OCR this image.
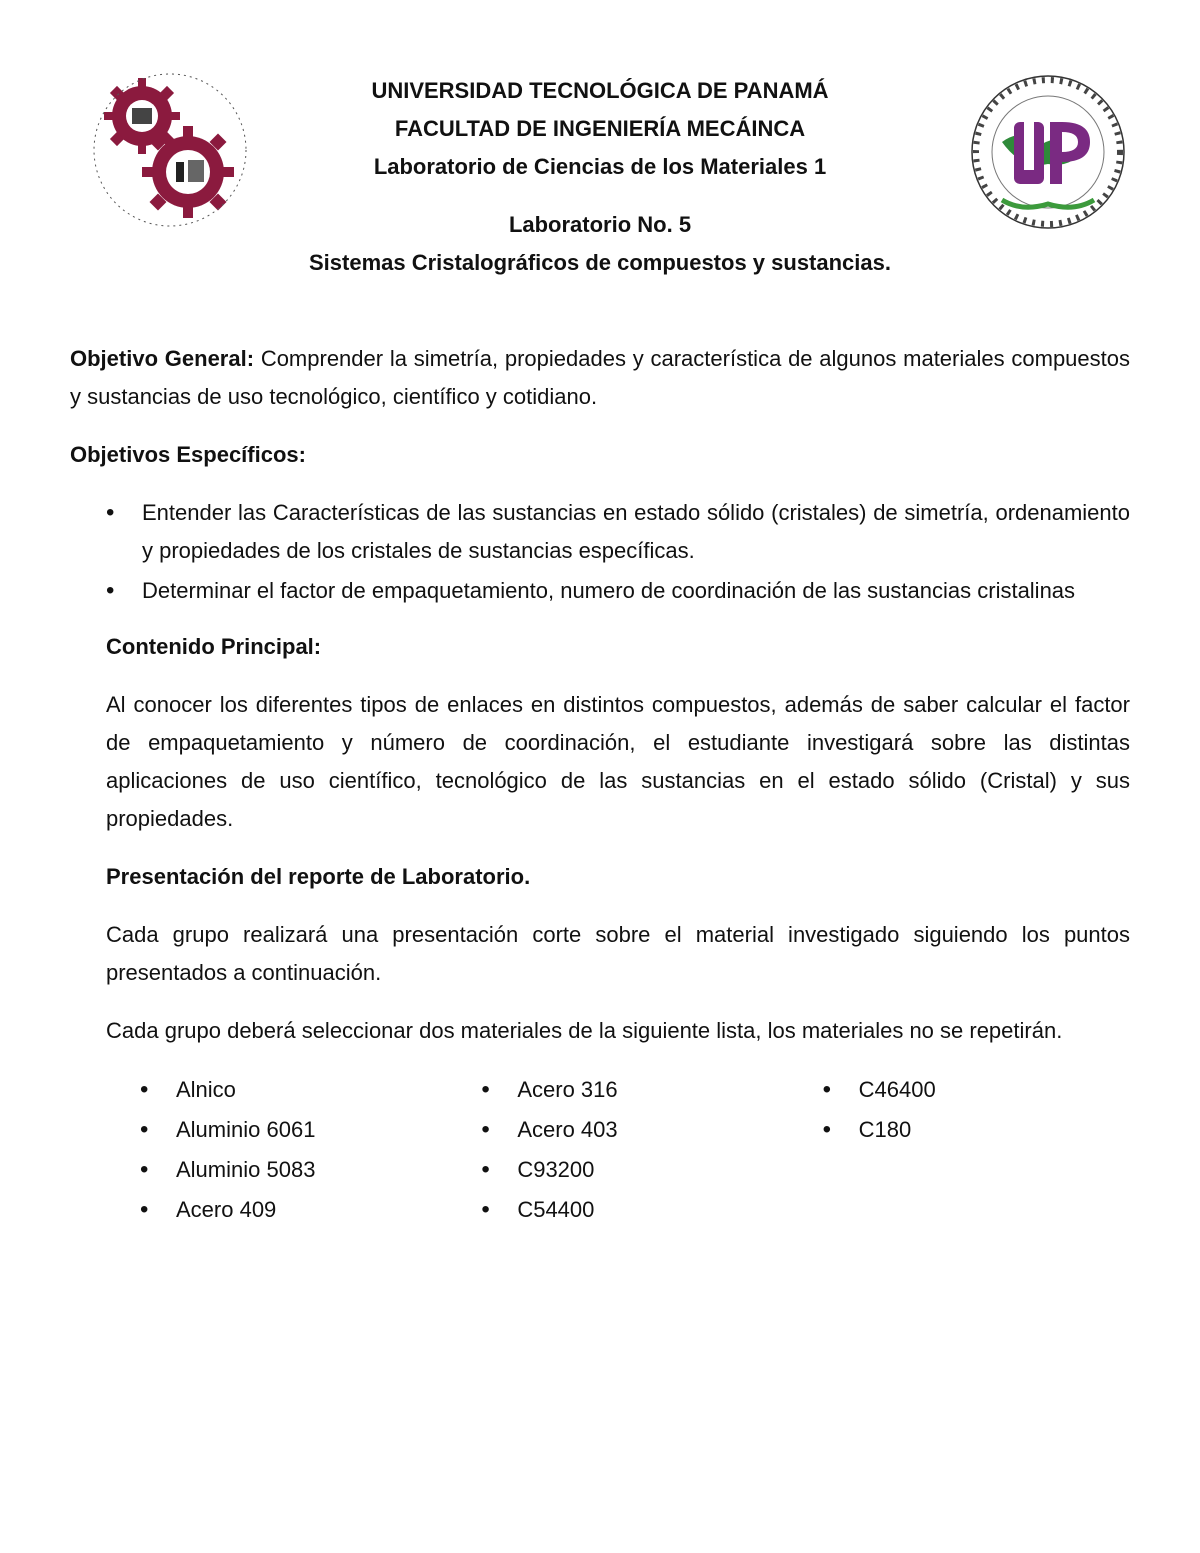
UNIVERSIDAD TECNOLÓGICA DE PANAMÁ
FACULTAD DE INGENIERÍA MECÁINCA
Laboratorio de Ciencias de los Materiales 1
Laboratorio No. 5
Sistemas Cristalográficos de compuestos y sustancias.

Objetivo General: Comprender la simetría, propiedades y característica de algunos materiales compuestos y sustancias de uso tecnológico, científico y cotidiano.

Objetivos Específicos:

• Entender las Características de las sustancias en estado sólido (cristales) de simetría, ordenamiento y propiedades de los cristales de sustancias específicas.
• Determinar el factor de empaquetamiento, numero de coordinación de las sustancias cristalinas

Contenido Principal:

Al conocer los diferentes tipos de enlaces en distintos compuestos, además de saber calcular el factor de empaquetamiento y número de coordinación, el estudiante investigará sobre las distintas aplicaciones de uso científico, tecnológico de las sustancias en el estado sólido (Cristal) y sus propiedades.

Presentación del reporte de Laboratorio.

Cada grupo realizará una presentación corte sobre el material investigado siguiendo los puntos presentados a continuación.

Cada grupo deberá seleccionar dos materiales de la siguiente lista, los materiales no se repetirán.

• Alnico
• Aluminio 6061
• Aluminio 5083
• Acero 409
• Acero 316
• Acero 403
• C93200
• C54400
• C46400
• C180
